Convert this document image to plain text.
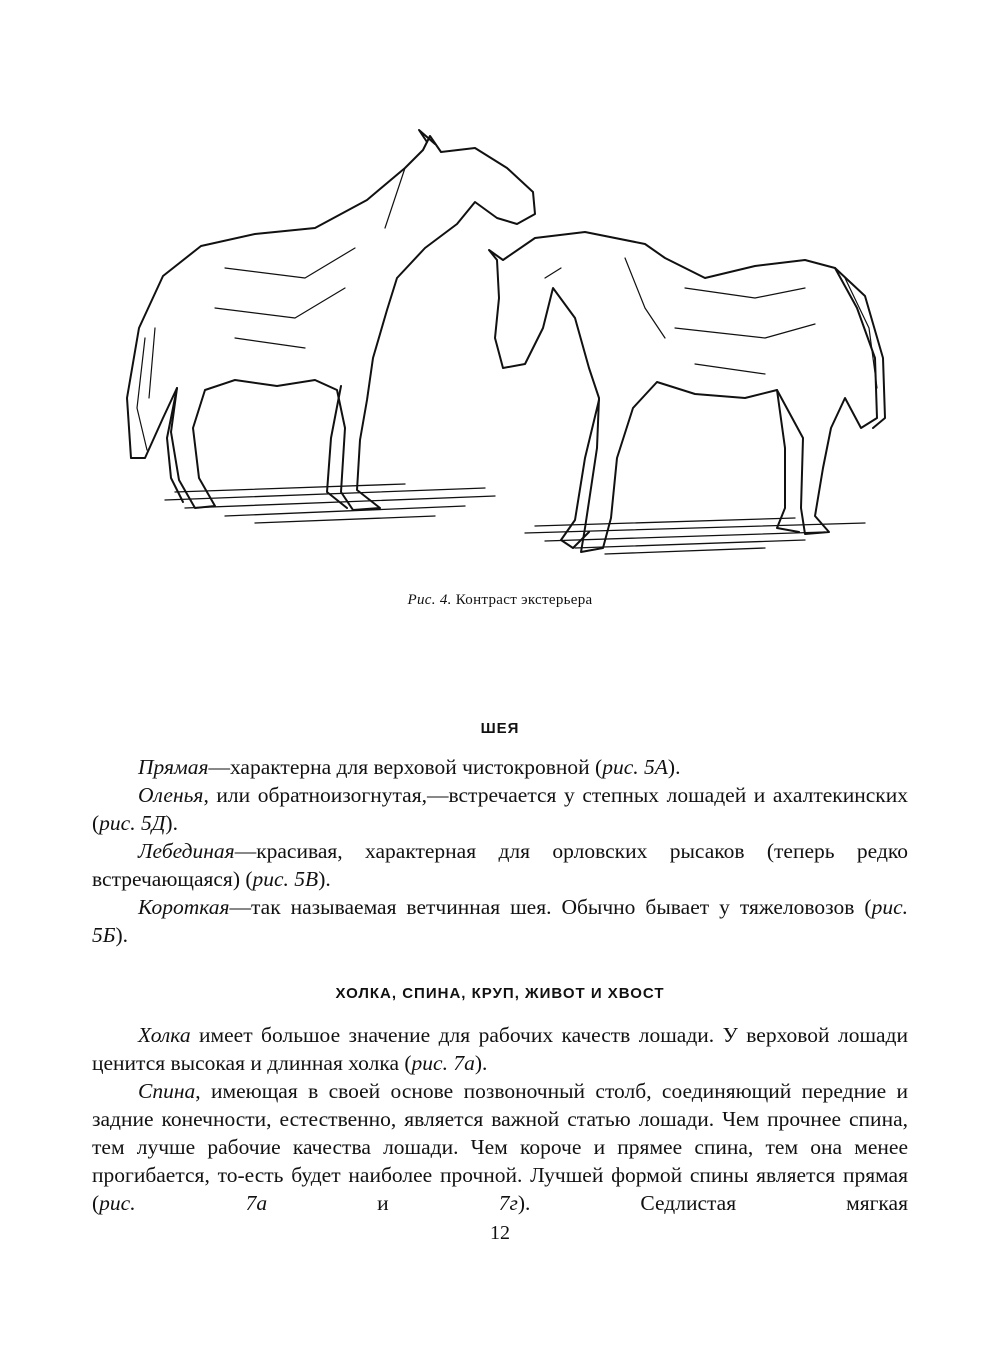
Рис. 4. Контраст экстерьера
ШЕЯ

Прямая—характерна для верховой чистокровной (рис. 5А).

Оленья, или обратноизогнутая,—встречается у степных лошадей и ахалтекинских (рис. 5Д).

Лебединая—красивая, характерная для орловских рысаков (теперь редко встречающаяся) (рис. 5В).

Короткая—так называемая ветчинная шея. Обычно бывает у тяжеловозов (рис. 5Б).

ХОЛКА, СПИНА, КРУП, ЖИВОТ И ХВОСТ

Холка имеет большое значение для рабочих качеств лошади. У верховой лошади ценится высокая и длинная холка (рис. 7а).

Спина, имеющая в своей основе позвоночный столб, соединяющий передние и задние конечности, естественно, является важной статью лошади. Чем прочнее спина, тем лучше рабочие качества лошади. Чем короче и прямее спина, тем она менее прогибается, то-есть будет наиболее прочной. Лучшей формой спины является прямая (рис. 7а и 7г). Седлистая мягкая

12
